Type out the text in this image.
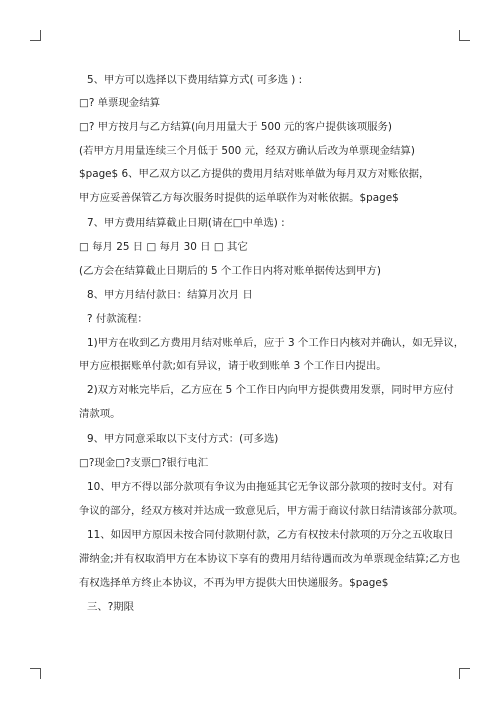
5、甲方可以选择以下费用结算方式( 可多选 ) :
□? 单票现金结算
□? 甲方按月与乙方结算(向月用量大于 500 元的客户提供该项服务)
(若甲方月用量连续三个月低于 500 元，经双方确认后改为单票现金结算)
$page$ 6、甲乙双方以乙方提供的费用月结对账单做为每月双方对账依据，
甲方应妥善保管乙方每次服务时提供的运单联作为对帐依据。$page$
7、甲方费用结算截止日期(请在□中单选) :
□ 每月 25 日 □ 每月 30 日 □ 其它
(乙方会在结算截止日期后的 5 个工作日内将对账单据传达到甲方)
8、甲方月结付款日：结算月次月 日
? 付款流程：
1)甲方在收到乙方费用月结对账单后，应于 3 个工作日内核对并确认，如无异议，
甲方应根据账单付款;如有异议，请于收到账单 3 个工作日内提出。
2)双方对帐完毕后，乙方应在 5 个工作日内向甲方提供费用发票，同时甲方应付
清款项。
9、甲方同意采取以下支付方式：(可多选)
□?现金□?支票□?银行电汇
10、甲方不得以部分款项有争议为由拖延其它无争议部分款项的按时支付。对有
争议的部分，经双方核对并达成一致意见后，甲方需于商议付款日结清该部分款项。
11、如因甲方原因未按合同付款期付款，乙方有权按未付款项的万分之五收取日
滞纳金;并有权取消甲方在本协议下享有的费用月结待遇而改为单票现金结算;乙方也
有权选择单方终止本协议，不再为甲方提供大田快递服务。$page$
三、?期限
